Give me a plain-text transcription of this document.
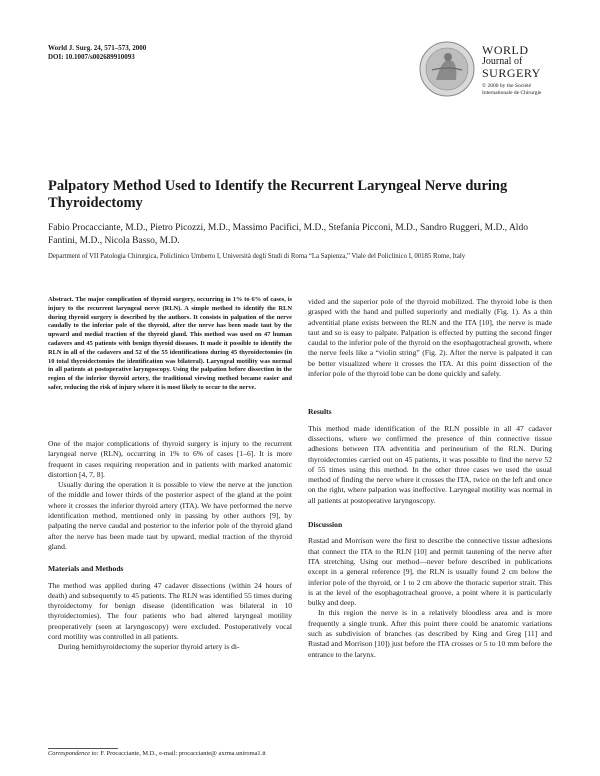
World J. Surg. 24, 571–573, 2000
DOI: 10.1007/s002689910093	WORLD
Journal of
SURGERY
© 2000 by the Société
Internationale de Chirurgie
Palpatory Method Used to Identify the Recurrent Laryngeal Nerve during Thyroidectomy
Fabio Procacciante, M.D., Pietro Picozzi, M.D., Massimo Pacifici, M.D., Stefania Picconi, M.D., Sandro Ruggeri, M.D., Aldo Fantini, M.D., Nicola Basso, M.D.
Department of VII Patologia Chirurgica, Policlinico Umberto I, Università degli Studi di Roma “La Sapienza,” Viale del Policlinico I, 00185 Rome, Italy
Abstract. The major complication of thyroid surgery, occurring in 1% to 6% of cases, is injury to the recurrent laryngeal nerve (RLN). A simple method to identify the RLN during thyroid surgery is described by the authors. It consists in palpation of the nerve caudally to the inferior pole of the thyroid, after the nerve has been made taut by the upward and medial traction of the thyroid gland. This method was used on 47 human cadavers and 45 patients with benign thyroid diseases. It made it possible to identify the RLN in all of the cadavers and 52 of the 55 identifications during 45 thyroidectomies (in 10 total thyroidectomies the identification was bilateral). Laryngeal motility was normal in all patients at postoperative laryngoscopy. Using the palpation before dissection in the region of the inferior thyroid artery, the traditional viewing method became easier and safer, reducing the risk of injury where it is most likely to occur to the nerve.

One of the major complications of thyroid surgery is injury to the recurrent laryngeal nerve (RLN), occurring in 1% to 6% of cases [1–6]. It is more frequent in cases requiring reoperation and in patients with marked anatomic distortion [4, 7, 8].

Usually during the operation it is possible to view the nerve at the junction of the middle and lower thirds of the posterior aspect of the gland at the point where it crosses the inferior thyroid artery (ITA). We have performed the nerve identification method, mentioned only in passing by other authors [9], by palpating the nerve caudal and posterior to the inferior pole of the thyroid gland after the nerve has been made taut by upward, medial traction of the thyroid gland.

Materials and Methods

The method was applied during 47 cadaver dissections (within 24 hours of death) and subsequently to 45 patients. The RLN was identified 55 times during thyroidectomy for benign disease (identification was bilateral in 10 thyroidectomies). The four patients who had altered laryngeal motility preoperatively (seen at laryngoscopy) were excluded. Postoperatively vocal cord motility was controlled in all patients.

During hemithyroidectomy the superior thyroid artery is di-

Correspondence to: F. Procacciante, M.D., e-mail: procacciante@ axrma.uniroma1.it

vided and the superior pole of the thyroid mobilized. The thyroid lobe is then grasped with the hand and pulled superiorly and medially (Fig. 1). As a thin adventitial plane exists between the RLN and the ITA [10], the nerve is made taut and so is easy to palpate. Palpation is effected by putting the second finger caudal to the inferior pole of the thyroid on the esophagotracheal growth, where the nerve feels like a “violin string” (Fig. 2). After the nerve is palpated it can be better visualized where it crosses the ITA. At this point dissection of the inferior pole of the thyroid lobe can be done quickly and safely.

Results

This method made identification of the RLN possible in all 47 cadaver dissections, where we confirmed the presence of thin connective tissue adhesions between ITA adventitia and perineurium of the RLN. During thyroidectomies carried out on 45 patients, it was possible to find the nerve 52 of 55 times using this method. In the other three cases we used the usual method of finding the nerve where it crosses the ITA, twice on the left and once on the right, where palpation was ineffective. Laryngeal motility was normal in all patients at postoperative laryngoscopy.

Discussion

Rustad and Morrison were the first to describe the connective tissue adhesions that connect the ITA to the RLN [10] and permit tautening of the nerve after ITA stretching. Using our method—never before described in publications except in a general reference [9], the RLN is usually found 2 cm below the inferior pole of the thyroid, or 1 to 2 cm above the thoracic superior strait. This is at the level of the esophagotracheal groove, a point where it is particularly bulky and deep.

In this region the nerve is in a relatively bloodless area and is more frequently a single trunk. After this point there could be anatomic variations such as subdivision of branches (as described by King and Greg [11] and Rustad and Morrison [10]) just before the ITA crosses or 5 to 10 mm before the entrance to the larynx.
